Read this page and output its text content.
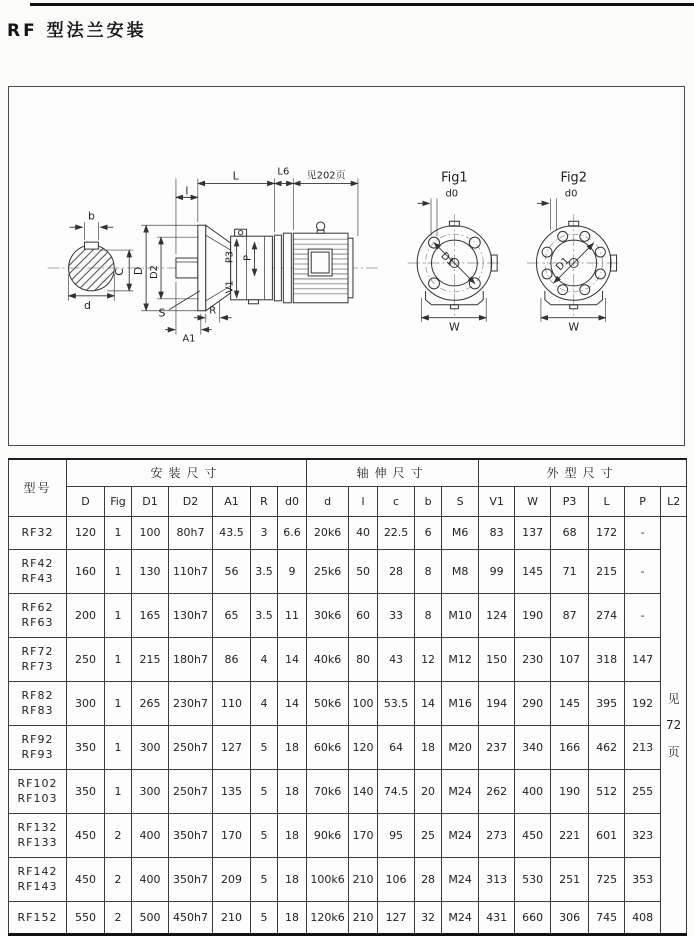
RF 型法兰安装
b
C
d
l
L	L6 见202页
D D2
P3 P
V1
S	R
A1
Fig1	Fig2
d0	d0
D1	D1
W	W
型号	安装尺寸							轴伸尺寸					外型尺寸					
	D	Fig	D1	D2	A1	R	d0	d	l	c	b	S	V1	W	P3	L	P	L2

RF32	120	1	100	80h7	43.5	3	6.6	20k6	40	22.5	6	M6	83	137	68	172	-	见
72
页

RF42
RF43	160	1	130	110h7	56	3.5	9	25k6	50	28	8	M8	99	145	71	215	-	

RF62
RF63	200	1	165	130h7	65	3.5	11	30k6	60	33	8	M10	124	190	87	274	-	

RF72
RF73	250	1	215	180h7	86	4	14	40k6	80	43	12	M12	150	230	107	318	147	

RF82
RF83	300	1	265	230h7	110	4	14	50k6	100	53.5	14	M16	194	290	145	395	192	

RF92
RF93	350	1	300	250h7	127	5	18	60k6	120	64	18	M20	237	340	166	462	213	

RF102
RF103	350	1	300	250h7	135	5	18	70k6	140	74.5	20	M24	262	400	190	512	255	

RF132
RF133	450	2	400	350h7	170	5	18	90k6	170	95	25	M24	273	450	221	601	323	

RF142
RF143	450	2	400	350h7	209	5	18	100k6	210	106	28	M24	313	530	251	725	353	

RF152	550	2	500	450h7	210	5	18	120k6	210	127	32	M24	431	660	306	745	408	
